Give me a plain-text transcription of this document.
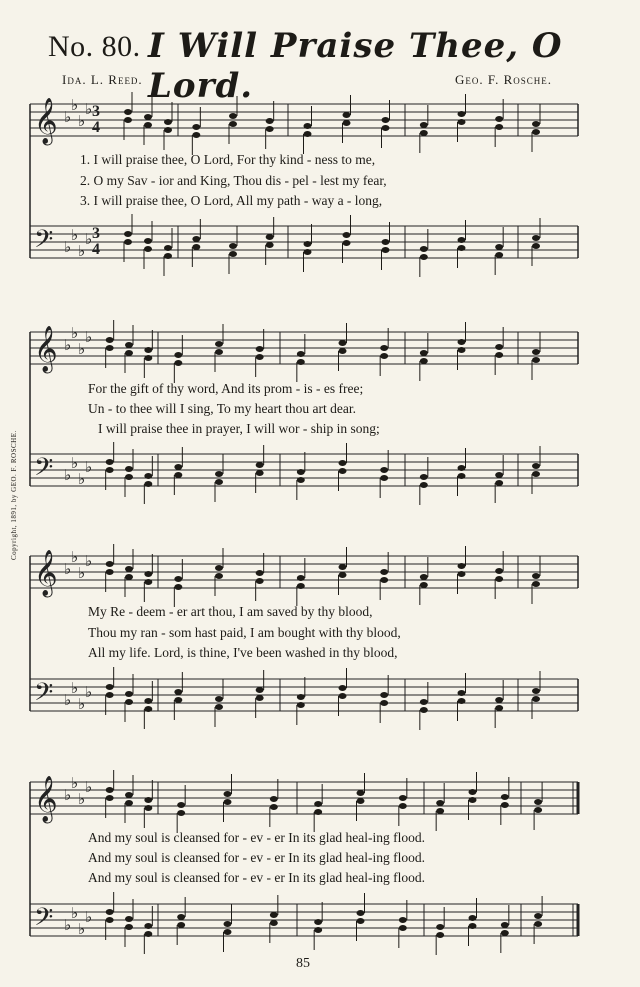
No. 80. I Will Praise Thee, O Lord.
Ida. L. Reed.	Geo. F. Rosche.
Copyright, 1891, by GEO. F. ROSCHE.
𝄞
𝄢
♭
♭
♭
♭
♭
♭
♭
♭
𝄞
𝄢
♭
♭
♭
♭
♭
♭
♭
♭
𝄞
𝄢
♭
♭
♭
♭
♭
♭
♭
♭
𝄞
𝄢
♭
♭
♭
♭
♭
♭
♭
♭
3
3
4
4
1. I will praise thee, O Lord, For thy kind - ness to me,
2. O my Sav - ior and King, Thou dis - pel - lest my fear,
3. I will praise thee, O Lord, All my path - way a - long,
For the gift of thy word, And its prom - is - es free;
Un - to thee will I sing, To my heart thou art dear.
I will praise thee in prayer, I will wor - ship in song;
My Re - deem - er art thou, I am saved by thy blood,
Thou my ran - som hast paid, I am bought with thy blood,
All my life. Lord, is thine, I've been washed in thy blood,
And my soul is cleansed for - ev - er In its glad heal-ing flood.
And my soul is cleansed for - ev - er In its glad heal-ing flood.
And my soul is cleansed for - ev - er In its glad heal-ing flood.
85
